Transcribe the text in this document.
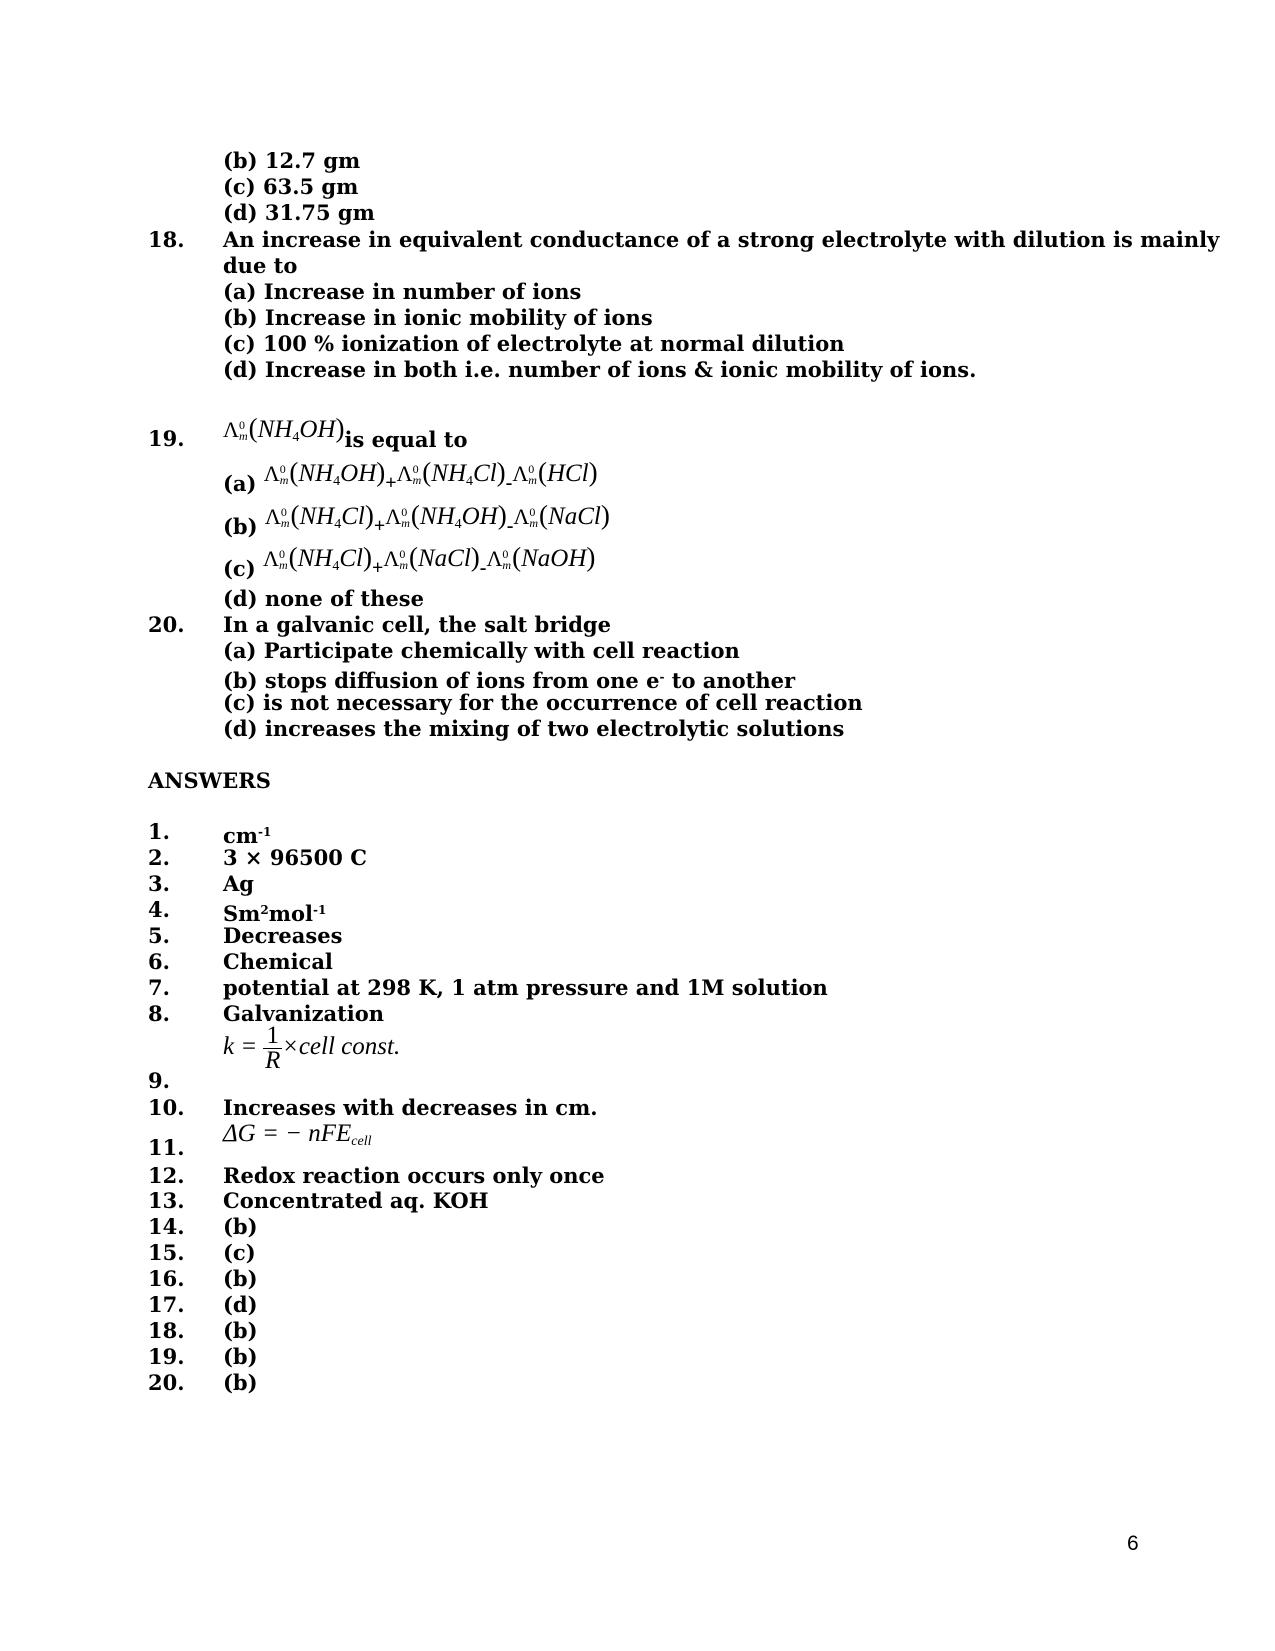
(b) 12.7 gm
(c) 63.5 gm
(d) 31.75 gm
18. An increase in equivalent conductance of a strong electrolyte with dilution is mainly
due to
(a) Increase in number of ions
(b) Increase in ionic mobility of ions
(c) 100 % ionization of electrolyte at normal dilution
(d) Increase in both i.e. number of ions & ionic mobility of ions.
19. Λ 0
m $(NH_4OH)is$ equal to
(a) Λ 0
m $(NH_4OH)+\Lambda$ 0
m $(NH_4Cl)-\Lambda$ 0
m (HCl)
(b) Λ 0
m $(NH_4Cl)+\Lambda$ 0
m $(NH_4OH)-\Lambda$ 0
m (NaCl)
(c) Λ 0
m $(NH_4Cl)+\Lambda$ 0
m (NaCl)-Λ 0
m (NaOH)
(d) none of these
20. In a galvanic cell, the salt bridge
(a) Participate chemically with cell reaction
(b) stops diffusion of ions from one e- to another
(c) is not necessary for the occurrence of cell reaction
(d) increases the mixing of two electrolytic solutions
ANSWERS
1.	$cm^{-1}$
2.	3 × 96500 C
3.	Ag
4.	Sm$^2$mol$^{-1}$
5.	Decreases
6.	Chemical
7.	potential at 298 K, 1 atm pressure and 1M solution
8.	Galvanization
9.
$k = \frac{1}{R}$ ×cell const.
10. Increases with decreases in cm.
11.
ΔG = − nFE$_{cell}$
12. Redox reaction occurs only once
13. Concentrated aq. KOH
14. (b)
15. (c)
16. (b)
17. (d)
18. (b)
19. (b)
20. (b)
6
